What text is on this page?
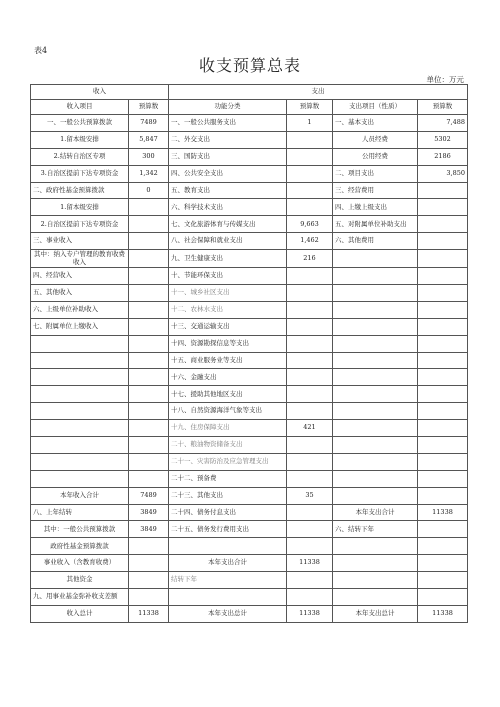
表4
收支预算总表
单位：万元
收入		支出			
收入项目	预算数	功能分类	预算数	支出项目（性质）	预算数
一、一般公共预算拨款	7489	一、一般公共服务支出	1	一、基本支出	7,488
1.留本级安排	5,847	二、外交支出		人员经费	5302
2.结转自治区专项	300	三、国防支出		公用经费	2186
3.自治区提前下达专项资金	1,342	四、公共安全支出		二、项目支出	3,850
二、政府性基金预算拨款	0	五、教育支出		三、经营费用	
1.留本级安排		六、科学技术支出		四、上缴上级支出	
2.自治区提前下达专项资金		七、文化旅游体育与传媒支出	9,663	五、对附属单位补助支出	
三、事业收入		八、社会保障和就业支出	1,462	六、其他费用	
其中：纳入专户管理的教育收费收入		九、卫生健康支出	216		
四、经营收入		十、节能环保支出			
五、其他收入		十一、城乡社区支出			
六、上级单位补助收入		十二、农林水支出			
七、附属单位上缴收入		十三、交通运输支出			
		十四、资源勘探信息等支出			
		十五、商业服务业等支出			
		十六、金融支出			
		十七、援助其他地区支出			
		十八、自然资源海洋气象等支出			
		十九、住房保障支出	421		
		二十、粮油物资储备支出			
		二十一、灾害防治及应急管理支出			
		二十二、预备费			
本年收入合计	7489	二十三、其他支出	35		
八、上年结转	3849	二十四、债务付息支出		本年支出合计	11338
其中：一般公共预算拨款	3849	二十五、债务发行费用支出		六、结转下年	
政府性基金预算拨款					
事业收入（含教育收费）		本年支出合计	11338		
其他资金		结转下年			
九、用事业基金弥补收支差额					
收入总计	11338	本年支出总计	11338	本年支出总计	11338
